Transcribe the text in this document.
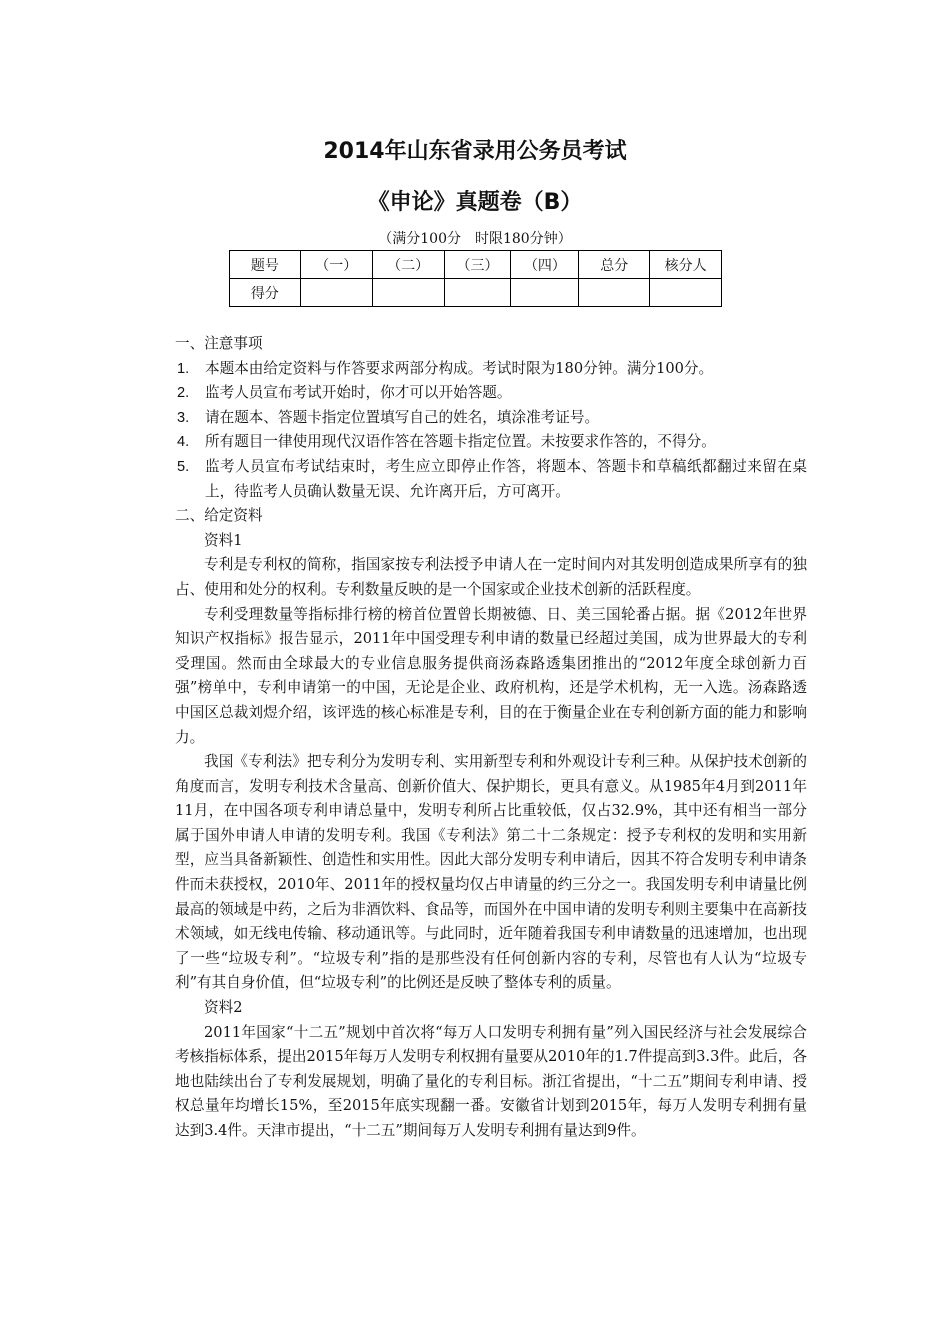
2014年山东省录用公务员考试
《申论》真题卷（B）
（满分100分　时限180分钟）
题号	（一）	（二）	（三）	（四）	总分	核分人
得分						

一、注意事项

1. 本题本由给定资料与作答要求两部分构成。考试时限为180分钟。满分100分。
2. 监考人员宣布考试开始时，你才可以开始答题。
3. 请在题本、答题卡指定位置填写自己的姓名，填涂准考证号。
4. 所有题目一律使用现代汉语作答在答题卡指定位置。未按要求作答的，不得分。
5. 监考人员宣布考试结束时，考生应立即停止作答，将题本、答题卡和草稿纸都翻过来留在桌上，待监考人员确认数量无误、允许离开后，方可离开。

二、给定资料

资料1

专利是专利权的简称，指国家按专利法授予申请人在一定时间内对其发明创造成果所享有的独占、使用和处分的权利。专利数量反映的是一个国家或企业技术创新的活跃程度。

专利受理数量等指标排行榜的榜首位置曾长期被德、日、美三国轮番占据。据《2012年世界知识产权指标》报告显示，2011年中国受理专利申请的数量已经超过美国，成为世界最大的专利受理国。然而由全球最大的专业信息服务提供商汤森路透集团推出的“2012年度全球创新力百强”榜单中，专利申请第一的中国，无论是企业、政府机构，还是学术机构，无一入选。汤森路透中国区总裁刘煜介绍，该评选的核心标准是专利，目的在于衡量企业在专利创新方面的能力和影响力。

我国《专利法》把专利分为发明专利、实用新型专利和外观设计专利三种。从保护技术创新的角度而言，发明专利技术含量高、创新价值大、保护期长，更具有意义。从1985年4月到2011年11月，在中国各项专利申请总量中，发明专利所占比重较低，仅占32.9%，其中还有相当一部分属于国外申请人申请的发明专利。我国《专利法》第二十二条规定：授予专利权的发明和实用新型，应当具备新颖性、创造性和实用性。因此大部分发明专利申请后，因其不符合发明专利申请条件而未获授权，2010年、2011年的授权量均仅占申请量的约三分之一。我国发明专利申请量比例最高的领域是中药，之后为非酒饮料、食品等，而国外在中国申请的发明专利则主要集中在高新技术领域，如无线电传输、移动通讯等。与此同时，近年随着我国专利申请数量的迅速增加，也出现了一些“垃圾专利”。“垃圾专利”指的是那些没有任何创新内容的专利，尽管也有人认为“垃圾专利”有其自身价值，但“垃圾专利”的比例还是反映了整体专利的质量。

资料2

2011年国家“十二五”规划中首次将“每万人口发明专利拥有量”列入国民经济与社会发展综合考核指标体系，提出2015年每万人发明专利权拥有量要从2010年的1.7件提高到3.3件。此后，各地也陆续出台了专利发展规划，明确了量化的专利目标。浙江省提出，“十二五”期间专利申请、授权总量年均增长15%，至2015年底实现翻一番。安徽省计划到2015年，每万人发明专利拥有量达到3.4件。天津市提出，“十二五”期间每万人发明专利拥有量达到9件。
